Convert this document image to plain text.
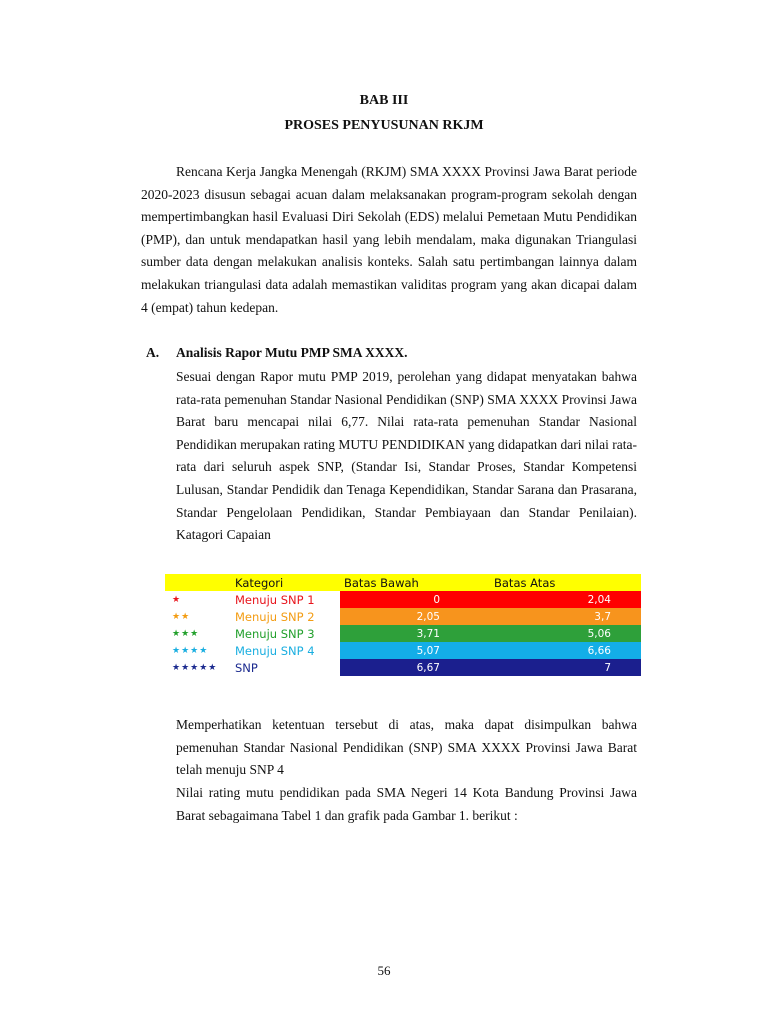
BAB III
PROSES PENYUSUNAN RKJM

Rencana Kerja Jangka Menengah (RKJM) SMA XXXX Provinsi Jawa Barat periode 2020-2023 disusun sebagai acuan dalam melaksanakan program-program sekolah dengan mempertimbangkan hasil Evaluasi Diri Sekolah (EDS) melalui Pemetaan Mutu Pendidikan (PMP), dan untuk mendapatkan hasil yang lebih mendalam, maka digunakan Triangulasi sumber data dengan melakukan analisis konteks. Salah satu pertimbangan lainnya dalam melakukan triangulasi data adalah memastikan validitas program yang akan dicapai dalam 4 (empat) tahun kedepan.

A. Analisis Rapor Mutu PMP SMA XXXX.

Sesuai dengan Rapor mutu PMP 2019, perolehan yang didapat menyatakan bahwa rata-rata pemenuhan Standar Nasional Pendidikan (SNP) SMA XXXX Provinsi Jawa Barat baru mencapai nilai 6,77. Nilai rata-rata pemenuhan Standar Nasional Pendidikan merupakan rating MUTU PENDIDIKAN yang didapatkan dari nilai rata-rata dari seluruh aspek SNP, (Standar Isi, Standar Proses, Standar Kompetensi Lulusan, Standar Pendidik dan Tenaga Kependidikan, Standar Sarana dan Prasarana, Standar Pengelolaan Pendidikan, Standar Pembiayaan dan Standar Penilaian). Katagori Capaian

	Kategori	Batas Bawah	Batas Atas
★	Menuju SNP 1	0	2,04
★★	Menuju SNP 2	2,05	3,7
★★★	Menuju SNP 3	3,71	5,06
★★★★	Menuju SNP 4	5,07	6,66
★★★★★	SNP	6,67	7

Memperhatikan ketentuan tersebut di atas, maka dapat disimpulkan bahwa pemenuhan Standar Nasional Pendidikan (SNP) SMA XXXX Provinsi Jawa Barat telah menuju SNP 4

Nilai rating mutu pendidikan pada SMA Negeri 14 Kota Bandung Provinsi Jawa Barat sebagaimana Tabel 1 dan grafik pada Gambar 1. berikut :

56
